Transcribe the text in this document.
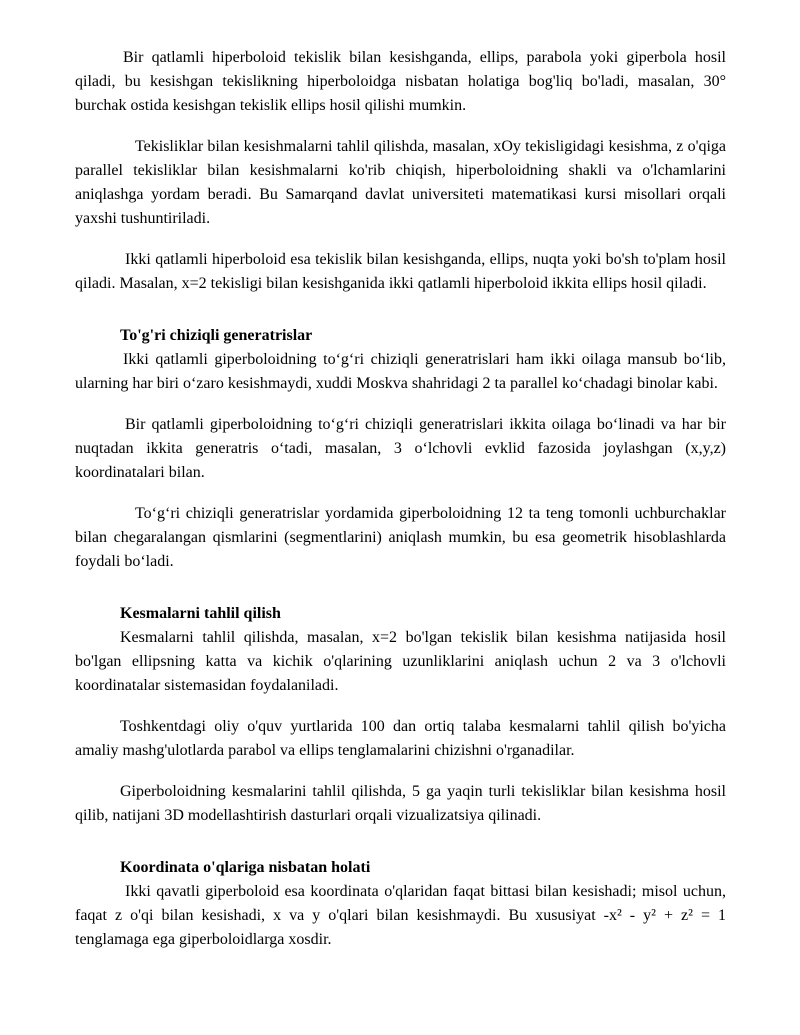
Bir qatlamli hiperboloid tekislik bilan kesishganda, ellips, parabola yoki giperbola hosil qiladi, bu kesishgan tekislikning hiperboloidga nisbatan holatiga bog'liq bo'ladi, masalan, 30° burchak ostida kesishgan tekislik ellips hosil qilishi mumkin.

Tekisliklar bilan kesishmalarni tahlil qilishda, masalan, xOy tekisligidagi kesishma, z o'qiga parallel tekisliklar bilan kesishmalarni ko'rib chiqish, hiperboloidning shakli va o'lchamlarini aniqlashga yordam beradi. Bu Samarqand davlat universiteti matematikasi kursi misollari orqali yaxshi tushuntiriladi.

Ikki qatlamli hiperboloid esa tekislik bilan kesishganda, ellips, nuqta yoki bo'sh to'plam hosil qiladi. Masalan, x=2 tekisligi bilan kesishganida ikki qatlamli hiperboloid ikkita ellips hosil qiladi.

To'g'ri chiziqli generatrislar

Ikki qatlamli giperboloidning to‘g‘ri chiziqli generatrislari ham ikki oilaga mansub bo‘lib, ularning har biri o‘zaro kesishmaydi, xuddi Moskva shahridagi 2 ta parallel ko‘chadagi binolar kabi.

Bir qatlamli giperboloidning to‘g‘ri chiziqli generatrislari ikkita oilaga bo‘linadi va har bir nuqtadan ikkita generatris o‘tadi, masalan, 3 o‘lchovli evklid fazosida joylashgan (x,y,z) koordinatalari bilan.

To‘g‘ri chiziqli generatrislar yordamida giperboloidning 12 ta teng tomonli uchburchaklar bilan chegaralangan qismlarini (segmentlarini) aniqlash mumkin, bu esa geometrik hisoblashlarda foydali bo‘ladi.

Kesmalarni tahlil qilish

Kesmalarni tahlil qilishda, masalan, x=2 bo'lgan tekislik bilan kesishma natijasida hosil bo'lgan ellipsning katta va kichik o'qlarining uzunliklarini aniqlash uchun 2 va 3 o'lchovli koordinatalar sistemasidan foydalaniladi.

Toshkentdagi oliy o'quv yurtlarida 100 dan ortiq talaba kesmalarni tahlil qilish bo'yicha amaliy mashg'ulotlarda parabol va ellips tenglamalarini chizishni o'rganadilar.

Giperboloidning kesmalarini tahlil qilishda, 5 ga yaqin turli tekisliklar bilan kesishma hosil qilib, natijani 3D modellashtirish dasturlari orqali vizualizatsiya qilinadi.

Koordinata o'qlariga nisbatan holati

Ikki qavatli giperboloid esa koordinata o'qlaridan faqat bittasi bilan kesishadi; misol uchun, faqat z o'qi bilan kesishadi, x va y o'qlari bilan kesishmaydi. Bu xususiyat -x² - y² + z² = 1 tenglamaga ega giperboloidlarga xosdir.
